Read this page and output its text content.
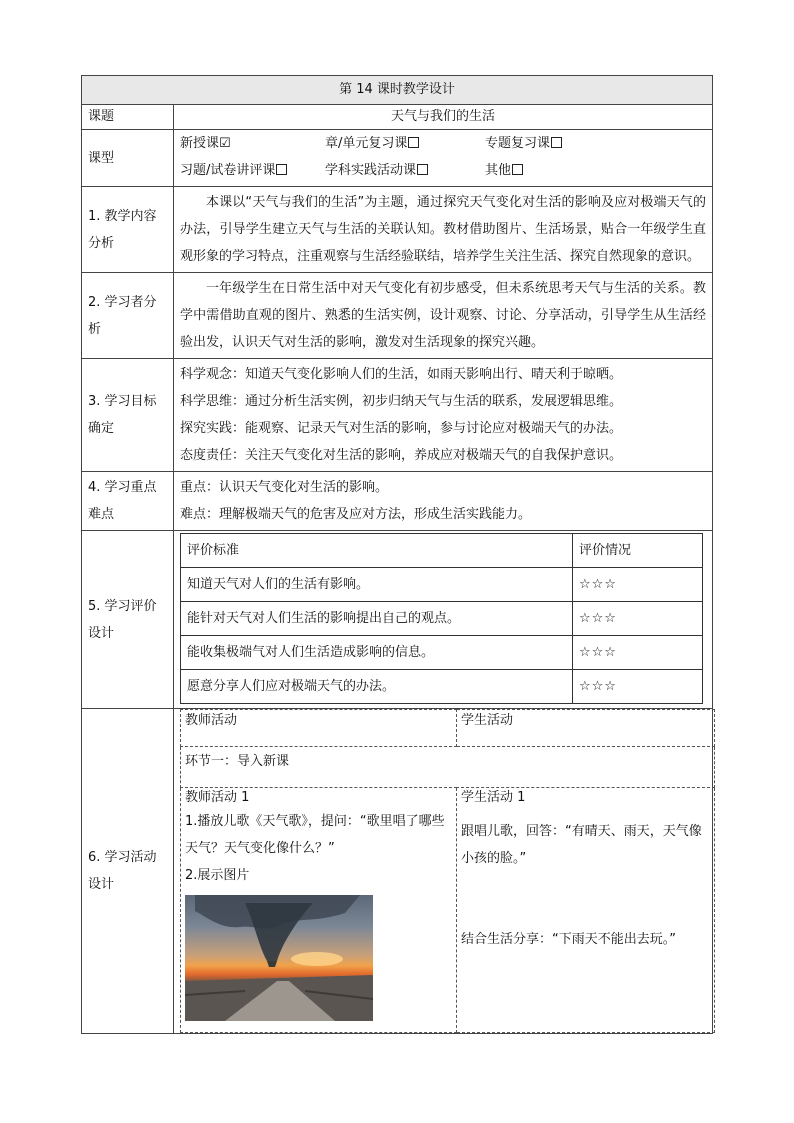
第 14 课时教学设计
课题	天气与我们的生活
课型	
新授课☑	章/单元复习课	专题复习课
习题/试卷讲评课	学科实践活动课	其他

1. 教学内容分析	本课以“天气与我们的生活”为主题，通过探究天气变化对生活的影响及应对极端天气的办法，引导学生建立天气与生活的关联认知。教材借助图片、生活场景，贴合一年级学生直观形象的学习特点，注重观察与生活经验联结，培养学生关注生活、探究自然现象的意识。
2. 学习者分析	一年级学生在日常生活中对天气变化有初步感受，但未系统思考天气与生活的关系。教学中需借助直观的图片、熟悉的生活实例，设计观察、讨论、分享活动，引导学生从生活经验出发，认识天气对生活的影响，激发对生活现象的探究兴趣。
3. 学习目标确定	
科学观念：知道天气变化影响人们的生活，如雨天影响出行、晴天利于晾晒。
科学思维：通过分析生活实例，初步归纳天气与生活的联系，发展逻辑思维。
探究实践：能观察、记录天气对生活的影响，参与讨论应对极端天气的办法。
态度责任：关注天气变化对生活的影响，养成应对极端天气的自我保护意识。

4. 学习重点难点	
重点：认识天气变化对生活的影响。
难点：理解极端天气的危害及应对方法，形成生活实践能力。

5. 学习评价设计	
评价标准	评价情况
知道天气对人们的生活有影响。	☆☆☆
能针对天气对人们生活的影响提出自己的观点。	☆☆☆
能收集极端气对人们生活造成影响的信息。	☆☆☆
愿意分享人们应对极端天气的办法。	☆☆☆

6. 学习活动设计	
教师活动	学生活动
环节一：导入新课

教师活动 1
1.播放儿歌《天气歌》，提问：“歌里唱了哪些天气？天气变化像什么？”
2.展示图片

学生活动 1
跟唱儿歌，回答：“有晴天、雨天，天气像小孩的脸。”
结合生活分享：“下雨天不能出去玩。”
